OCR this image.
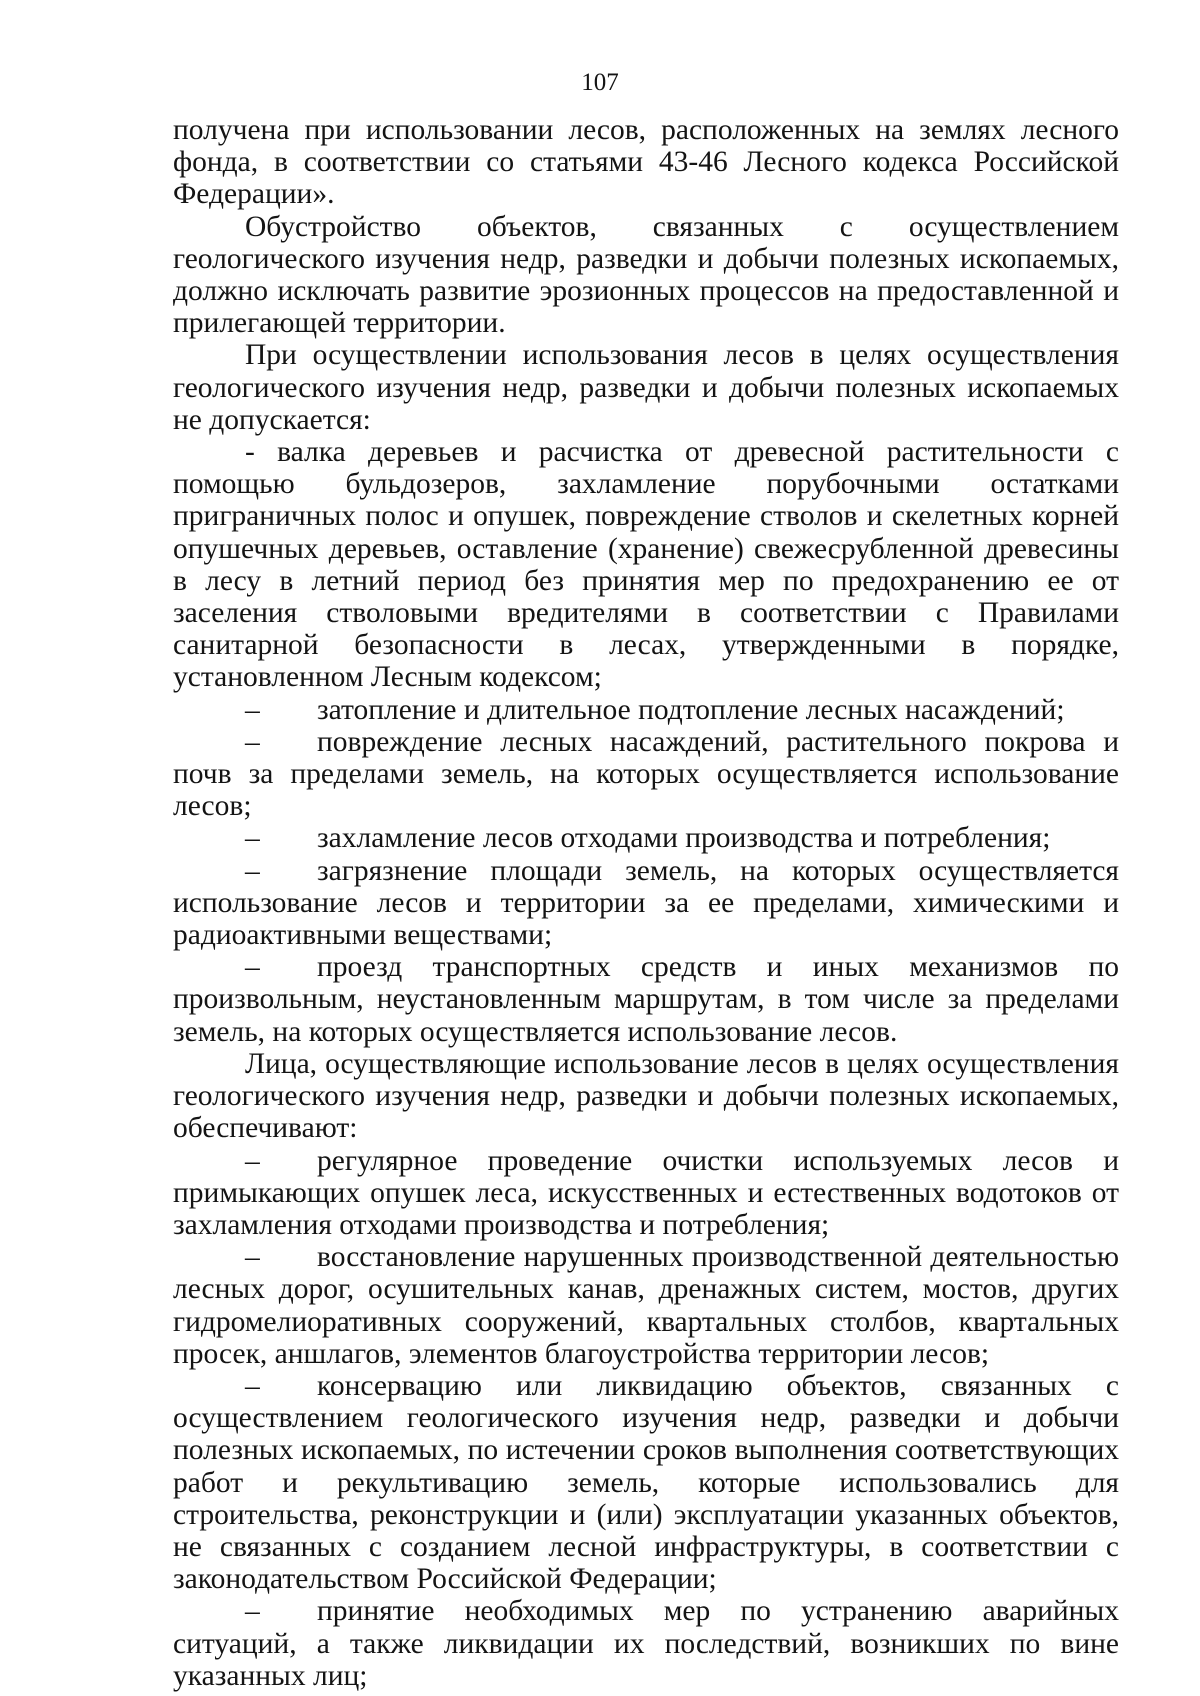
107

получена при использовании лесов, расположенных на землях лесного фонда, в соответствии со статьями 43-46 Лесного кодекса Российской Федерации».

Обустройство объектов, связанных с осуществлением геологического изучения недр, разведки и добычи полезных ископаемых, должно исключать развитие эрозионных процессов на предоставленной и прилегающей территории.

При осуществлении использования лесов в целях осуществления геологического изучения недр, разведки и добычи полезных ископаемых не допускается:

- валка деревьев и расчистка от древесной растительности с помощью бульдозеров, захламление порубочными остатками приграничных полос и опушек, повреждение стволов и скелетных корней опушечных деревьев, оставление (хранение) свежесрубленной древесины в лесу в летний период без принятия мер по предохранению ее от заселения стволовыми вредителями в соответствии с Правилами санитарной безопасности в лесах, утвержденными в порядке, установленном Лесным кодексом;

– затопление и длительное подтопление лесных насаждений;

– повреждение лесных насаждений, растительного покрова и почв за пределами земель, на которых осуществляется использование лесов;

– захламление лесов отходами производства и потребления;

– загрязнение площади земель, на которых осуществляется использование лесов и территории за ее пределами, химическими и радиоактивными веществами;

– проезд транспортных средств и иных механизмов по произвольным, неустановленным маршрутам, в том числе за пределами земель, на которых осуществляется использование лесов.

Лица, осуществляющие использование лесов в целях осуществления геологического изучения недр, разведки и добычи полезных ископаемых, обеспечивают:

– регулярное проведение очистки используемых лесов и примыкающих опушек леса, искусственных и естественных водотоков от захламления отходами производства и потребления;

– восстановление нарушенных производственной деятельностью лесных дорог, осушительных канав, дренажных систем, мостов, других гидромелиоративных сооружений, квартальных столбов, квартальных просек, аншлагов, элементов благоустройства территории лесов;

– консервацию или ликвидацию объектов, связанных с осуществлением геологического изучения недр, разведки и добычи полезных ископаемых, по истечении сроков выполнения соответствующих работ и рекультивацию земель, которые использовались для строительства, реконструкции и (или) эксплуатации указанных объектов, не связанных с созданием лесной инфраструктуры, в соответствии с законодательством Российской Федерации;

– принятие необходимых мер по устранению аварийных ситуаций, а также ликвидации их последствий, возникших по вине указанных лиц;
